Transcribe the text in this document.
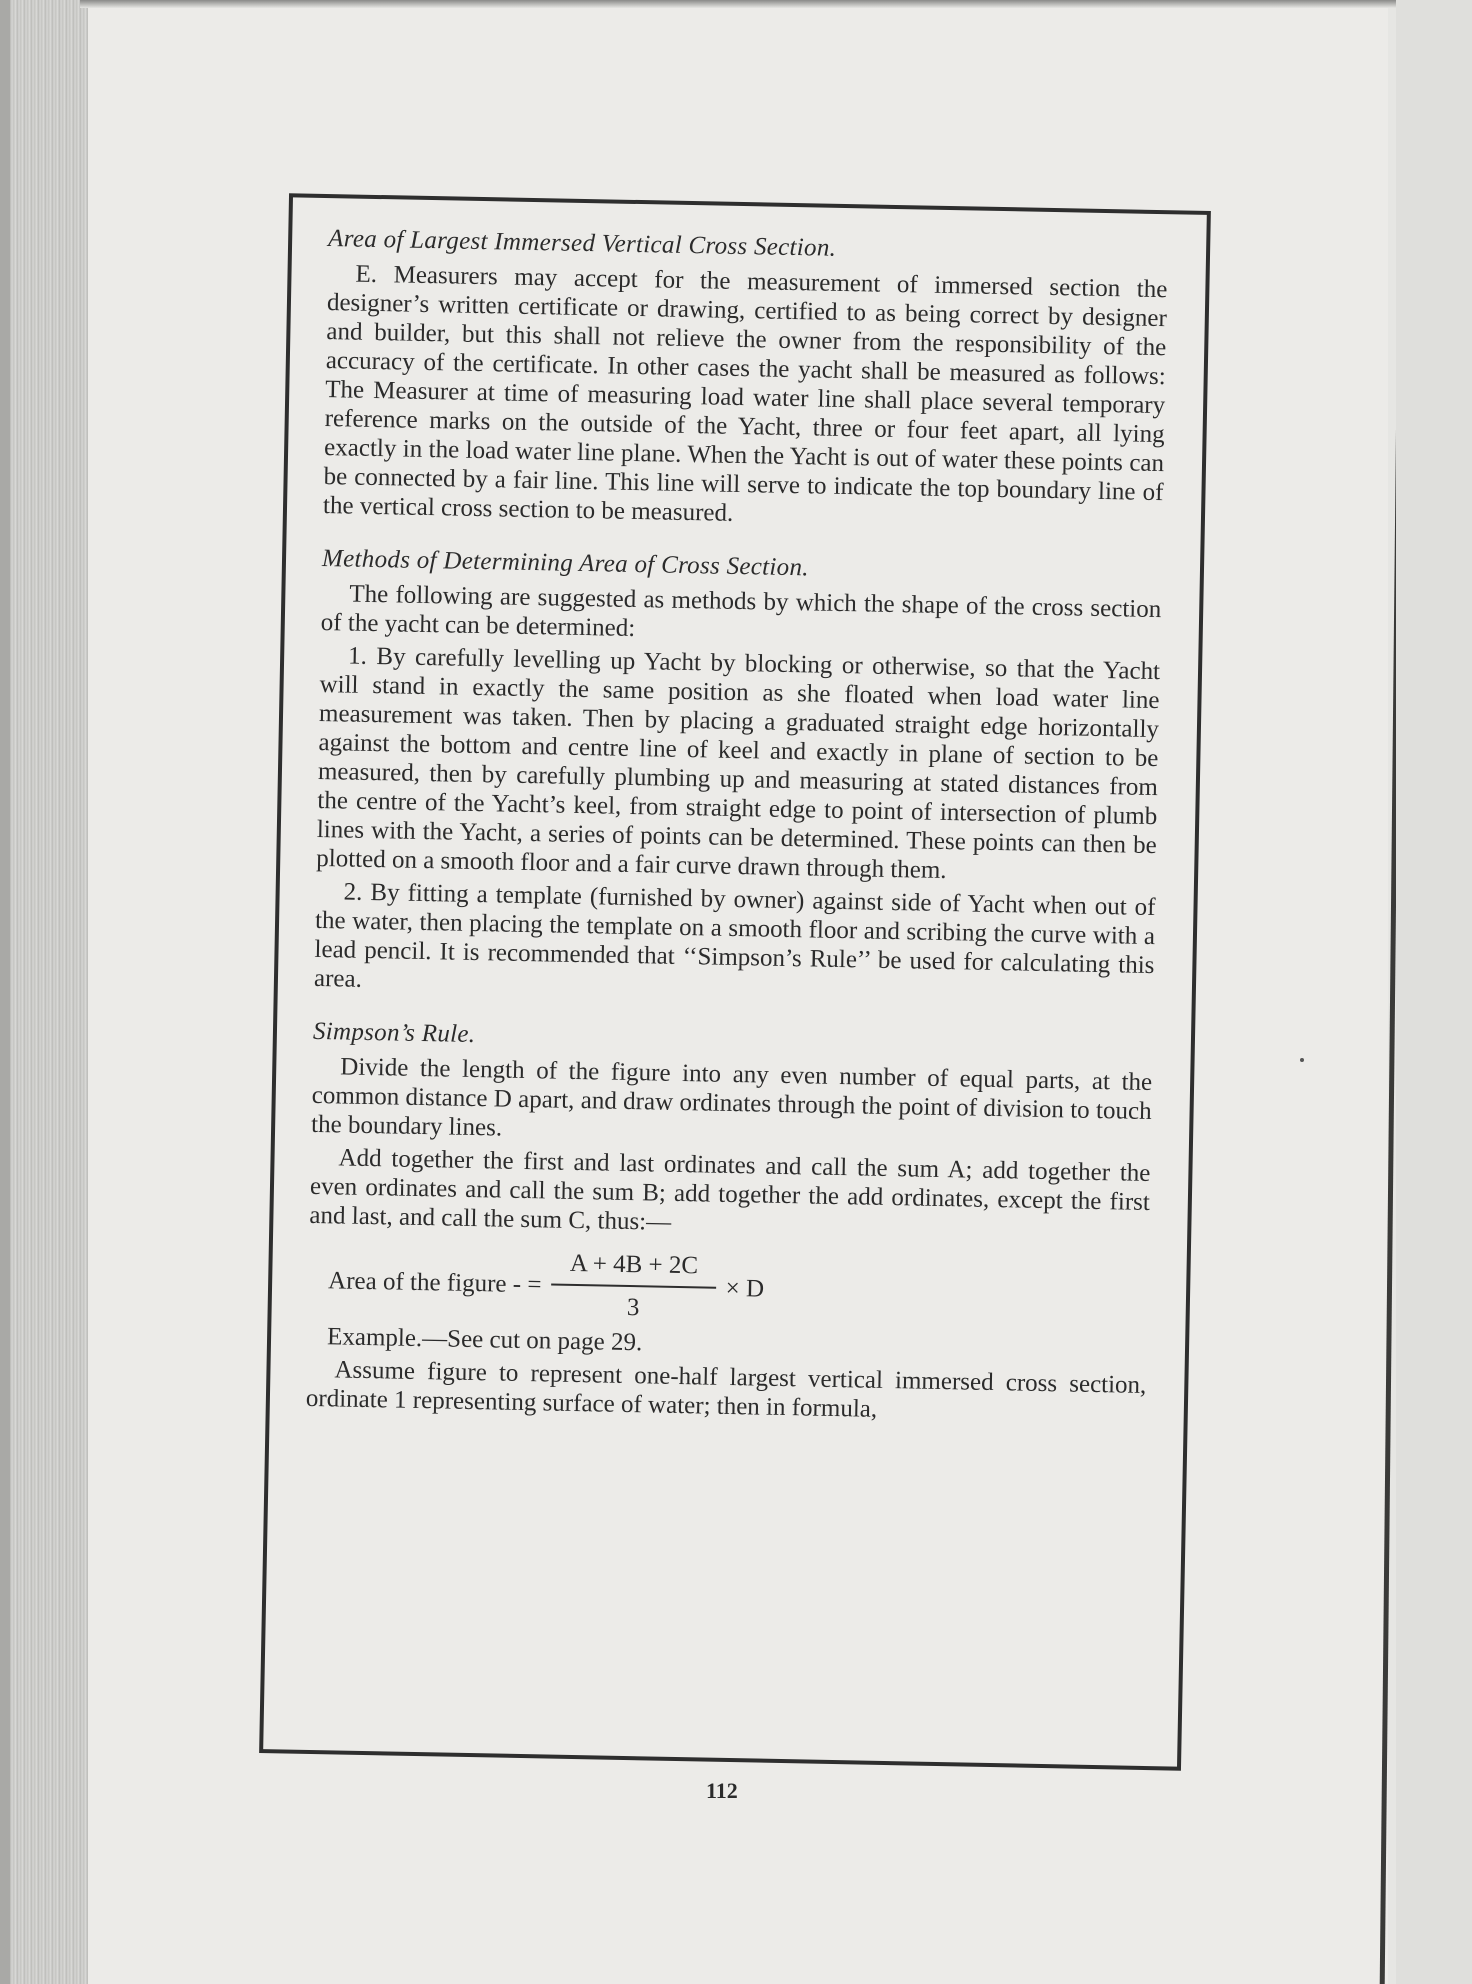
Area of Largest Immersed Vertical Cross Section.

E. Measurers may accept for the measurement of immersed section the designer’s written certificate or drawing, certified to as being correct by designer and builder, but this shall not relieve the owner from the responsibility of the accuracy of the certificate. In other cases the yacht shall be measured as follows: The Measurer at time of measuring load water line shall place several temporary reference marks on the outside of the Yacht, three or four feet apart, all lying exactly in the load water line plane. When the Yacht is out of water these points can be connected by a fair line. This line will serve to indicate the top boundary line of the vertical cross section to be measured.

Methods of Determining Area of Cross Section.

The following are suggested as methods by which the shape of the cross section of the yacht can be determined:

1. By carefully levelling up Yacht by blocking or otherwise, so that the Yacht will stand in exactly the same position as she floated when load water line measurement was taken. Then by placing a graduated straight edge horizontally against the bottom and centre line of keel and exactly in plane of section to be measured, then by carefully plumbing up and measuring at stated distances from the centre of the Yacht’s keel, from straight edge to point of intersection of plumb lines with the Yacht, a series of points can be determined. These points can then be plotted on a smooth floor and a fair curve drawn through them.

2. By fitting a template (furnished by owner) against side of Yacht when out of the water, then placing the template on a smooth floor and scribing the curve with a lead pencil. It is recommended that ‘‘Simpson’s Rule’’ be used for calculating this area.

Simpson’s Rule.

Divide the length of the figure into any even number of equal parts, at the common distance D apart, and draw ordinates through the point of division to touch the boundary lines.

Add together the first and last ordinates and call the sum A; add together the even ordinates and call the sum B; add together the add ordinates, except the first and last, and call the sum C, thus:—

Area of the figure - = $\frac{A + 4B + 2C}{3} \times D$

Example.—See cut on page 29.

Assume figure to represent one-half largest vertical immersed cross section, ordinate 1 representing surface of water; then in formula,

112
